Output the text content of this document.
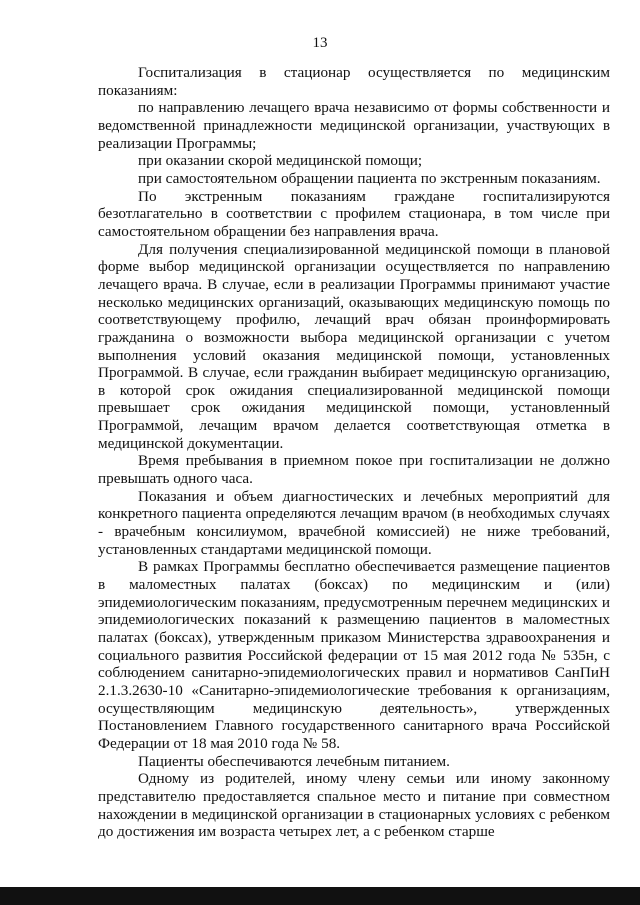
13

Госпитализация в стационар осуществляется по медицинским показаниям:

по направлению лечащего врача независимо от формы собственности и ведомственной принадлежности медицинской организации, участвующих в реализации Программы;

при оказании скорой медицинской помощи;

при самостоятельном обращении пациента по экстренным показаниям.

По экстренным показаниям граждане госпитализируются безотлагательно в соответствии с профилем стационара, в том числе при самостоятельном обращении без направления врача.

Для получения специализированной медицинской помощи в плановой форме выбор медицинской организации осуществляется по направлению лечащего врача. В случае, если в реализации Программы принимают участие несколько медицинских организаций, оказывающих медицинскую помощь по соответствующему профилю, лечащий врач обязан проинформировать гражданина о возможности выбора медицинской организации с учетом выполнения условий оказания медицинской помощи, установленных Программой. В случае, если гражданин выбирает медицинскую организацию, в которой срок ожидания специализированной медицинской помощи превышает срок ожидания медицинской помощи, установленный Программой, лечащим врачом делается соответствующая отметка в медицинской документации.

Время пребывания в приемном покое при госпитализации не должно превышать одного часа.

Показания и объем диагностических и лечебных мероприятий для конкретного пациента определяются лечащим врачом (в необходимых случаях - врачебным консилиумом, врачебной комиссией) не ниже требований, установленных стандартами медицинской помощи.

В рамках Программы бесплатно обеспечивается размещение пациентов в маломестных палатах (боксах) по медицинским и (или) эпидемиологическим показаниям, предусмотренным перечнем медицинских и эпидемиологических показаний к размещению пациентов в маломестных палатах (боксах), утвержденным приказом Министерства здравоохранения и социального развития Российской федерации от 15 мая 2012 года № 535н, с соблюдением санитарно-эпидемиологических правил и нормативов СанПиН 2.1.3.2630-10 «Санитарно-эпидемиологические требования к организациям, осуществляющим медицинскую деятельность», утвержденных Постановлением Главного государственного санитарного врача Российской Федерации от 18 мая 2010 года № 58.

Пациенты обеспечиваются лечебным питанием.

Одному из родителей, иному члену семьи или иному законному представителю предоставляется спальное место и питание при совместном нахождении в медицинской организации в стационарных условиях с ребенком до достижения им возраста четырех лет, а с ребенком старше
